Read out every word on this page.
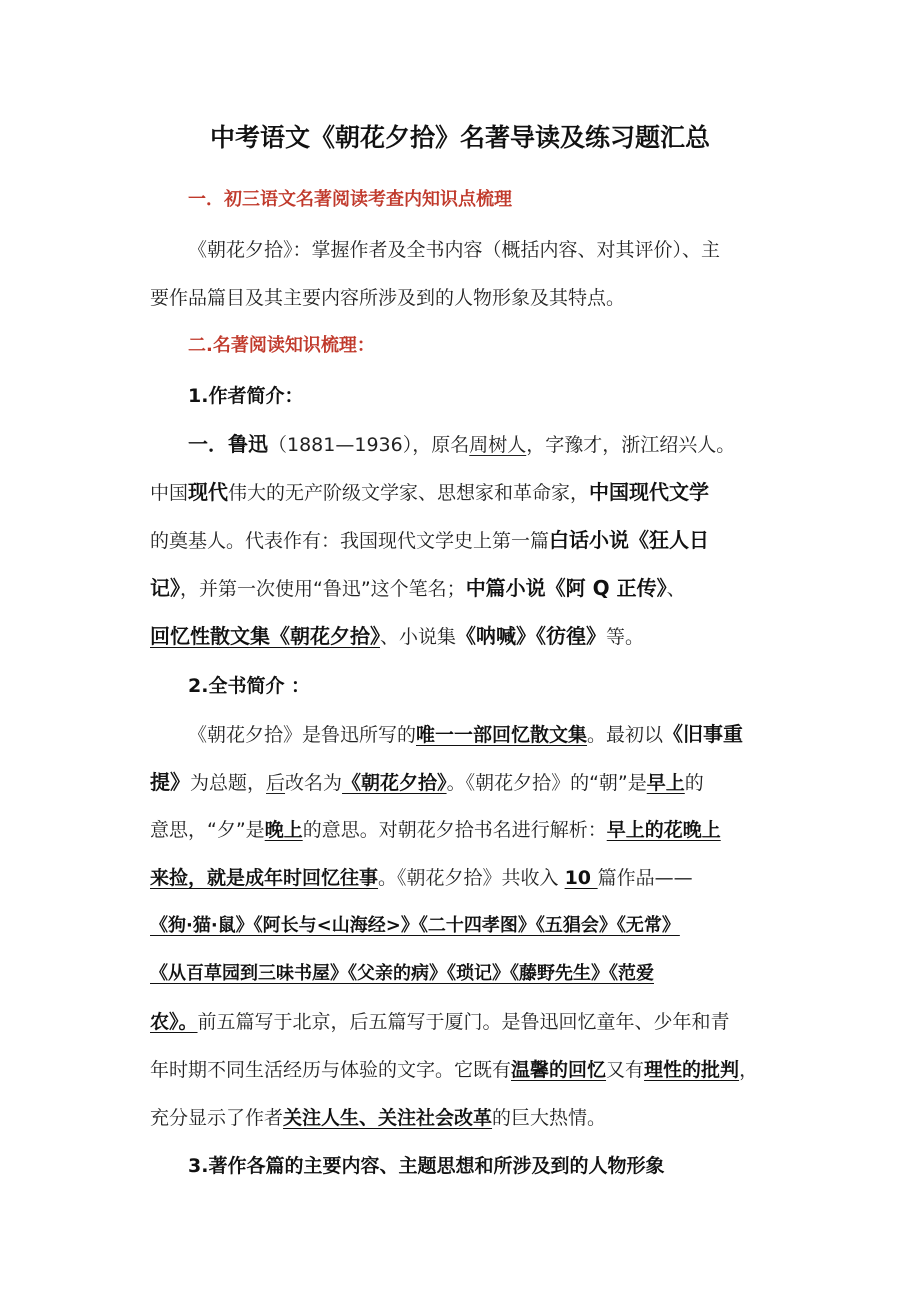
中考语文《朝花夕拾》名著导读及练习题汇总
一．初三语文名著阅读考查内知识点梳理
《朝花夕拾》：掌握作者及全书内容（概括内容、对其评价）、主
要作品篇目及其主要内容所涉及到的人物形象及其特点。
二.名著阅读知识梳理：
1.作者简介：
一．鲁迅（1881—1936），原名周树人，字豫才，浙江绍兴人。
中国现代伟大的无产阶级文学家、思想家和革命家，中国现代文学
的奠基人。代表作有：我国现代文学史上第一篇白话小说《狂人日
记》，并第一次使用“鲁迅”这个笔名；中篇小说《阿 Q 正传》、
回忆性散文集《朝花夕拾》、小说集《呐喊》《彷徨》等。
2.全书简介 ：
《朝花夕拾》是鲁迅所写的唯一一部回忆散文集。最初以《旧事重
提》为总题，后改名为《朝花夕拾》。《朝花夕拾》的“朝”是早上的
意思，“夕”是晚上的意思。对朝花夕拾书名进行解析：早上的花晚上
来捡，就是成年时回忆往事。《朝花夕拾》共收入 10 篇作品——
《狗·猫·鼠》《阿长与<山海经>》《二十四孝图》《五猖会》《无常》
《从百草园到三味书屋》《父亲的病》《琐记》《藤野先生》《范爱
农》。前五篇写于北京，后五篇写于厦门。是鲁迅回忆童年、少年和青
年时期不同生活经历与体验的文字。它既有温馨的回忆又有理性的批判，
充分显示了作者关注人生、关注社会改革的巨大热情。
3.著作各篇的主要内容、主题思想和所涉及到的人物形象
